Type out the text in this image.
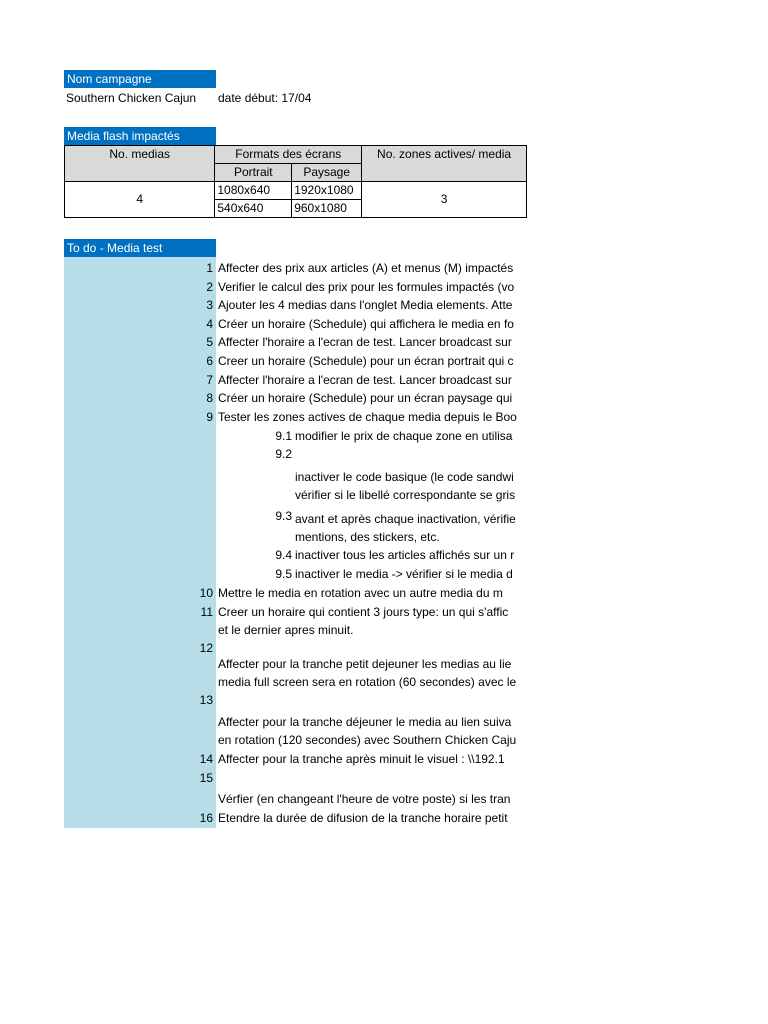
Nom campagne
Southern Chicken Cajun date début: 17/04
Media flash impactés
No. medias	Formats des écrans		No. zones actives/ media
	Portrait	Paysage	
4	1080x640	1920x1080	3
	540x640	960x1080	
To do - Media test
1 Affecter des prix aux articles (A) et menus (M) impactés
2 Verifier le calcul des prix pour les formules impactés (vo
3 Ajouter les 4 medias dans l'onglet Media elements. Atte
4 Créer un horaire (Schedule) qui affichera le media en fo
5 Affecter l'horaire a l'ecran de test. Lancer broadcast sur
6 Creer un horaire (Schedule) pour un écran portrait qui c
7 Affecter l'horaire a l'ecran de test. Lancer broadcast sur
8 Créer un horaire (Schedule) pour un écran paysage qui
9 Tester les zones actives de chaque media depuis le Boo
9.1 modifier le prix de chaque zone en utilisa
9.2
inactiver le code basique (le code sandwi
vérifier si le libellé correspondante se gris
9.3 avant et après chaque inactivation, vérifie
mentions, des stickers, etc.
9.4 inactiver tous les articles affichés sur un r
9.5 inactiver le media -> vérifier si le media d
10 Mettre le media en rotation avec un autre media du m
11 Creer un horaire qui contient 3 jours type: un qui s'affic
et le dernier apres minuit.
12
Affecter pour la tranche petit dejeuner les medias au lie
media full screen sera en rotation (60 secondes) avec le
13
Affecter pour la tranche déjeuner le media au lien suiva
en rotation (120 secondes) avec Southern Chicken Caju
14 Affecter pour la tranche après minuit le visuel : \\192.1
15
Vérfier (en changeant l'heure de votre poste) si les tran
16 Etendre la durée de difusion de la tranche horaire petit
